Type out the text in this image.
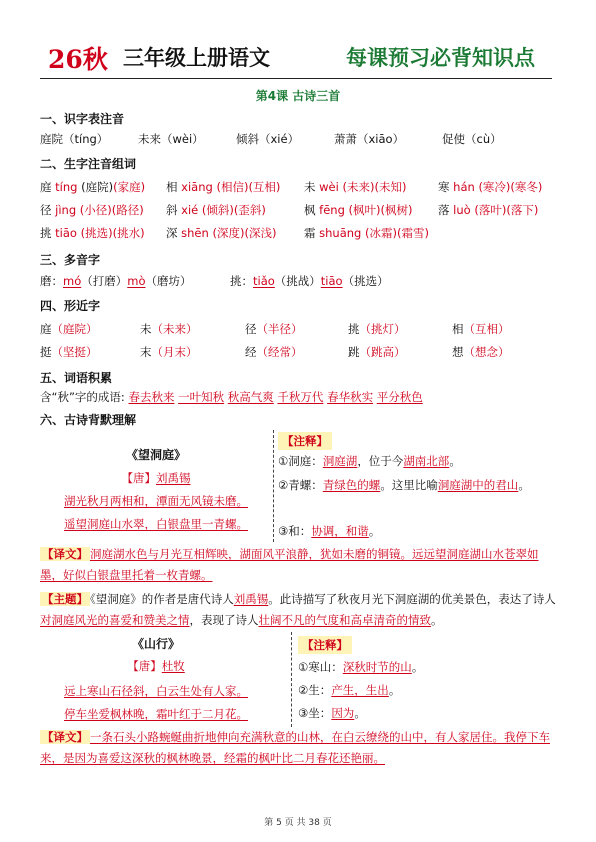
26秋 三年级上册语文	每课预习必背知识点
第4课 古诗三首
一、识字表注音
庭院（tíng）	未来（wèi）	倾斜（xié）	萧萧（xiāo）	促使（cù）
二、生字注音组词
庭 tíng (庭院)(家庭) 相 xiāng (相信)(互相) 未 wèi (未来)(未知)	寒 hán (寒冷)(寒冬)
径 jìng (小径)(路径) 斜 xié (倾斜)(歪斜)	枫 fēng (枫叶)(枫树) 落 luò (落叶)(落下)
挑 tiāo (挑选)(挑水) 深 shēn (深度)(深浅) 霜 shuāng (冰霜)(霜雪)
三、多音字
磨：mó（打磨）mò（磨坊）	挑：tiǎo（挑战）tiāo（挑选）
四、形近字
庭（庭院）	未（未来）	径（半径）	挑（挑灯）	相（互相）
挺（坚挺）	末（月末）	经（经常）	跳（跳高）	想（想念）
五、词语积累
含“秋”字的成语: 春去秋来 一叶知秋 秋高气爽 千秋万代 春华秋实 平分秋色
六、古诗背默理解
《望洞庭》
【唐】刘禹锡
湖光秋月两相和，潭面无风镜未磨。
遥望洞庭山水翠，白银盘里一青螺。
【注释】
①洞庭：洞庭湖，位于今湖南北部。
②青螺：青绿色的螺。这里比喻洞庭湖中的君山。
③和：协调，和谐。
【译文】 洞庭湖水色与月光互相辉映，湖面风平浪静，犹如未磨的铜镜。远远望洞庭湖山水苍翠如墨，好似白银盘里托着一枚青螺。
【主题】 《望洞庭》的作者是唐代诗人刘禹锡。此诗描写了秋夜月光下洞庭湖的优美景色，表达了诗人对洞庭风光的喜爱和赞美之情，表现了诗人壮阔不凡的气度和高卓清奇的情致。
《山行》
【唐】杜牧
远上寒山石径斜，白云生处有人家。
停车坐爱枫林晚，霜叶红于二月花。
【注释】
①寒山：深秋时节的山。
②生：产生，生出。
③坐：因为。
【译文】 一条石头小路蜿蜒曲折地伸向充满秋意的山林，在白云缭绕的山中，有人家居住。我停下车来，是因为喜爱这深秋的枫林晚景，经霜的枫叶比二月春花还艳丽。
第 5 页 共 38 页
